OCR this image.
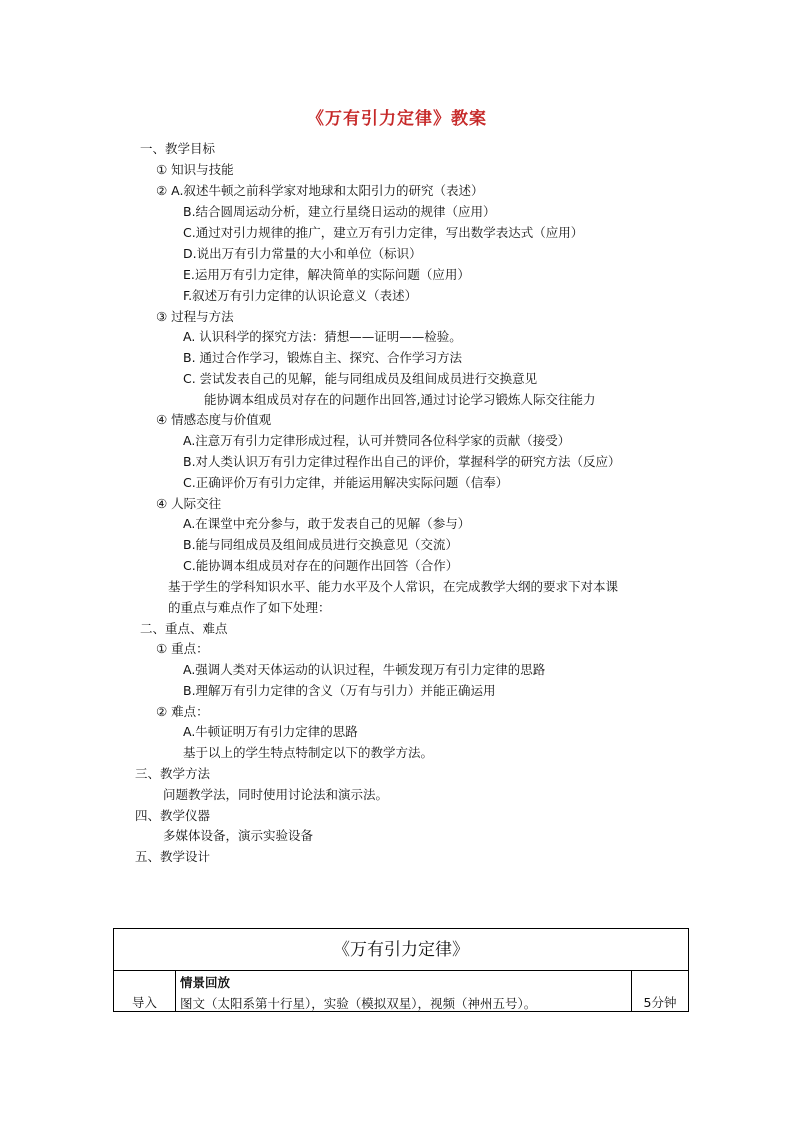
《万有引力定律》教案
一、教学目标
① 知识与技能
② A.叙述牛顿之前科学家对地球和太阳引力的研究（表述）
B.结合圆周运动分析，建立行星绕日运动的规律（应用）
C.通过对引力规律的推广，建立万有引力定律，写出数学表达式（应用）
D.说出万有引力常量的大小和单位（标识）
E.运用万有引力定律，解决简单的实际问题（应用）
F.叙述万有引力定律的认识论意义（表述）
③ 过程与方法
A. 认识科学的探究方法：猜想——证明——检验。
B. 通过合作学习，锻炼自主、探究、合作学习方法
C. 尝试发表自己的见解，能与同组成员及组间成员进行交换意见
能协调本组成员对存在的问题作出回答,通过讨论学习锻炼人际交往能力
④ 情感态度与价值观
A.注意万有引力定律形成过程，认可并赞同各位科学家的贡献（接受）
B.对人类认识万有引力定律过程作出自己的评价，掌握科学的研究方法（反应）
C.正确评价万有引力定律，并能运用解决实际问题（信奉）
④ 人际交往
A.在课堂中充分参与，敢于发表自己的见解（参与）
B.能与同组成员及组间成员进行交换意见（交流）
C.能协调本组成员对存在的问题作出回答（合作）
基于学生的学科知识水平、能力水平及个人常识，在完成教学大纲的要求下对本课
的重点与难点作了如下处理：
二、重点、难点
① 重点：
A.强调人类对天体运动的认识过程，牛顿发现万有引力定律的思路
B.理解万有引力定律的含义（万有与引力）并能正确运用
② 难点：
A.牛顿证明万有引力定律的思路
基于以上的学生特点特制定以下的教学方法。
三、教学方法
问题教学法，同时使用讨论法和演示法。
四、教学仪器
多媒体设备，演示实验设备
五、教学设计
《万有引力定律》
导入
情景回放
图文（太阳系第十行星），实验（模拟双星），视频（神州五号）。	5分钟
